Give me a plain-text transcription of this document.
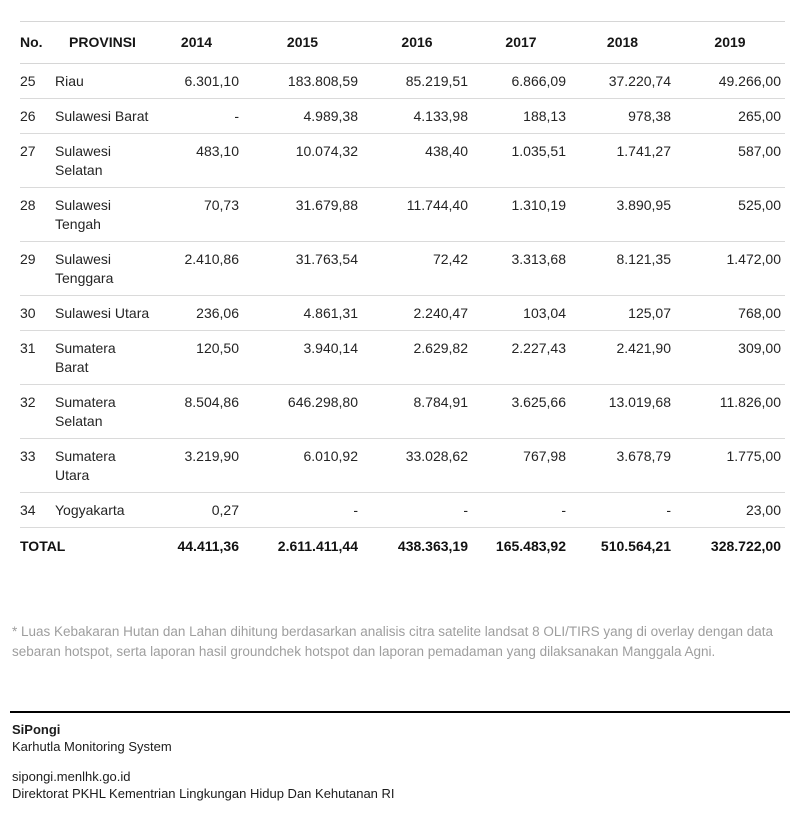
No.	PROVINSI	2014	2015	2016	2017	2018	2019
25	Riau	6.301,10	183.808,59	85.219,51	6.866,09	37.220,74	49.266,00
26	Sulawesi Barat	-	4.989,38	4.133,98	188,13	978,38	265,00
27	Sulawesi Selatan	483,10	10.074,32	438,40	1.035,51	1.741,27	587,00
28	Sulawesi Tengah	70,73	31.679,88	11.744,40	1.310,19	3.890,95	525,00
29	Sulawesi Tenggara	2.410,86	31.763,54	72,42	3.313,68	8.121,35	1.472,00
30	Sulawesi Utara	236,06	4.861,31	2.240,47	103,04	125,07	768,00
31	Sumatera Barat	120,50	3.940,14	2.629,82	2.227,43	2.421,90	309,00
32	Sumatera Selatan	8.504,86	646.298,80	8.784,91	3.625,66	13.019,68	11.826,00
33	Sumatera Utara	3.219,90	6.010,92	33.028,62	767,98	3.678,79	1.775,00
34	Yogyakarta	0,27	-	-	-	-	23,00
TOTAL		44.411,36	2.611.411,44	438.363,19	165.483,92	510.564,21	328.722,00
* Luas Kebakaran Hutan dan Lahan dihitung berdasarkan analisis citra satelite landsat 8 OLI/TIRS yang di overlay dengan data sebaran hotspot, serta laporan hasil groundchek hotspot dan laporan pemadaman yang dilaksanakan Manggala Agni.
SiPongi
Karhutla Monitoring System
sipongi.menlhk.go.id
Direktorat PKHL Kementrian Lingkungan Hidup Dan Kehutanan RI
